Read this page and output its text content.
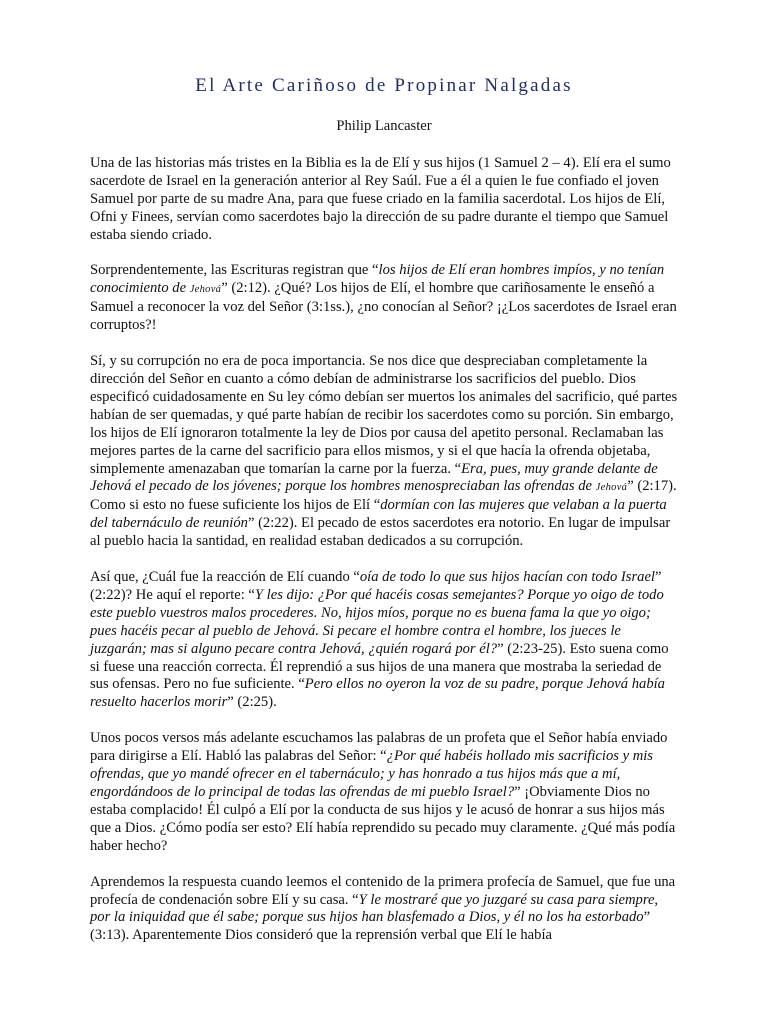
El Arte Cariñoso de Propinar Nalgadas
Philip Lancaster

Una de las historias más tristes en la Biblia es la de Elí y sus hijos (1 Samuel 2 – 4). Elí era el sumo sacerdote de Israel en la generación anterior al Rey Saúl. Fue a él a quien le fue confiado el joven Samuel por parte de su madre Ana, para que fuese criado en la familia sacerdotal. Los hijos de Elí, Ofni y Finees, servían como sacerdotes bajo la dirección de su padre durante el tiempo que Samuel estaba siendo criado.

Sorprendentemente, las Escrituras registran que “los hijos de Elí eran hombres impíos, y no tenían conocimiento de Jehová” (2:12). ¿Qué? Los hijos de Elí, el hombre que cariñosamente le enseñó a Samuel a reconocer la voz del Señor (3:1ss.), ¿no conocían al Señor? ¡¿Los sacerdotes de Israel eran corruptos?!

Sí, y su corrupción no era de poca importancia. Se nos dice que despreciaban completamente la dirección del Señor en cuanto a cómo debían de administrarse los sacrificios del pueblo. Dios especificó cuidadosamente en Su ley cómo debían ser muertos los animales del sacrificio, qué partes habían de ser quemadas, y qué parte habían de recibir los sacerdotes como su porción. Sin embargo, los hijos de Elí ignoraron totalmente la ley de Dios por causa del apetito personal. Reclamaban las mejores partes de la carne del sacrificio para ellos mismos, y si el que hacía la ofrenda objetaba, simplemente amenazaban que tomarían la carne por la fuerza. “Era, pues, muy grande delante de Jehová el pecado de los jóvenes; porque los hombres menospreciaban las ofrendas de Jehová” (2:17). Como si esto no fuese suficiente los hijos de Elí “dormían con las mujeres que velaban a la puerta del tabernáculo de reunión” (2:22). El pecado de estos sacerdotes era notorio. En lugar de impulsar al pueblo hacia la santidad, en realidad estaban dedicados a su corrupción.

Así que, ¿Cuál fue la reacción de Elí cuando “oía de todo lo que sus hijos hacían con todo Israel” (2:22)? He aquí el reporte: “Y les dijo: ¿Por qué hacéis cosas semejantes? Porque yo oigo de todo este pueblo vuestros malos procederes. No, hijos míos, porque no es buena fama la que yo oigo; pues hacéis pecar al pueblo de Jehová. Si pecare el hombre contra el hombre, los jueces le juzgarán; mas si alguno pecare contra Jehová, ¿quién rogará por él?” (2:23-25). Esto suena como si fuese una reacción correcta. Él reprendió a sus hijos de una manera que mostraba la seriedad de sus ofensas. Pero no fue suficiente. “Pero ellos no oyeron la voz de su padre, porque Jehová había resuelto hacerlos morir” (2:25).

Unos pocos versos más adelante escuchamos las palabras de un profeta que el Señor había enviado para dirigirse a Elí. Habló las palabras del Señor: “¿Por qué habéis hollado mis sacrificios y mis ofrendas, que yo mandé ofrecer en el tabernáculo; y has honrado a tus hijos más que a mí, engordándoos de lo principal de todas las ofrendas de mi pueblo Israel?” ¡Obviamente Dios no estaba complacido! Él culpó a Elí por la conducta de sus hijos y le acusó de honrar a sus hijos más que a Dios. ¿Cómo podía ser esto? Elí había reprendido su pecado muy claramente. ¿Qué más podía haber hecho?

Aprendemos la respuesta cuando leemos el contenido de la primera profecía de Samuel, que fue una profecía de condenación sobre Elí y su casa. “Y le mostraré que yo juzgaré su casa para siempre, por la iniquidad que él sabe; porque sus hijos han blasfemado a Dios, y él no los ha estorbado” (3:13). Aparentemente Dios consideró que la reprensión verbal que Elí le había
